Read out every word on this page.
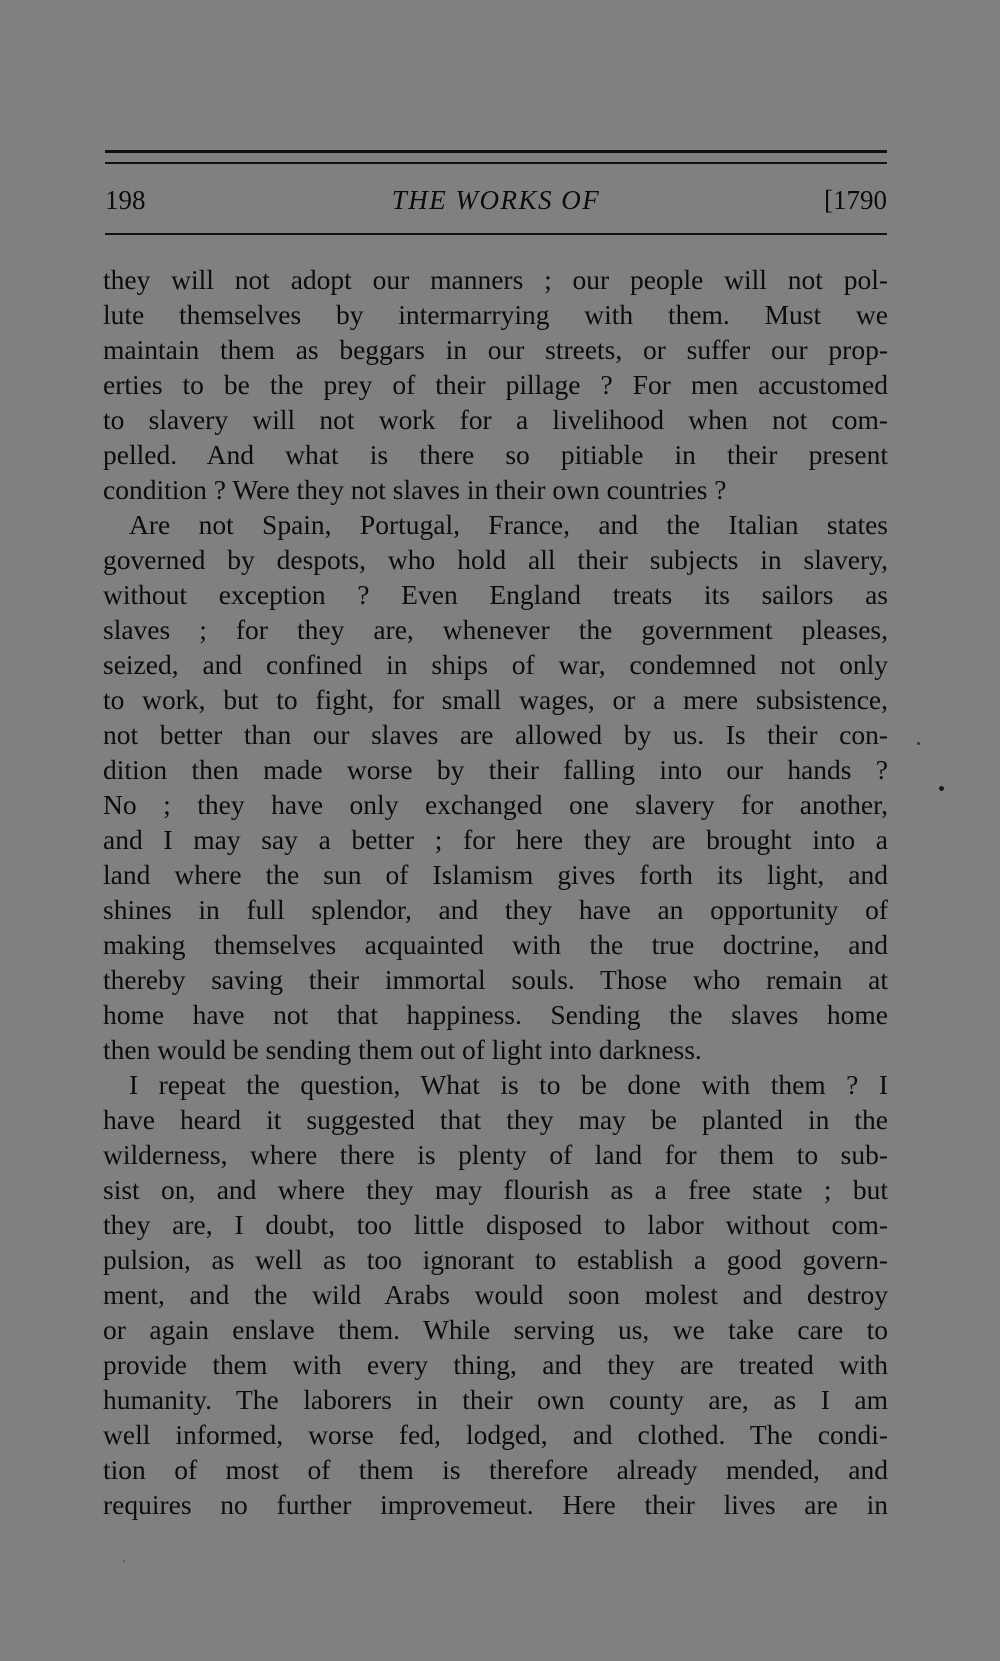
198	THE WORKS OF	[1790
they will not adopt our manners ; our people will not pol-
lute themselves by intermarrying with them. Must we
maintain them as beggars in our streets, or suffer our prop-
erties to be the prey of their pillage ? For men accustomed
to slavery will not work for a livelihood when not com-
pelled. And what is there so pitiable in their present
condition ? Were they not slaves in their own countries ?
Are not Spain, Portugal, France, and the Italian states
governed by despots, who hold all their subjects in slavery,
without exception ? Even England treats its sailors as
slaves ; for they are, whenever the government pleases,
seized, and confined in ships of war, condemned not only
to work, but to fight, for small wages, or a mere subsistence,
not better than our slaves are allowed by us. Is their con-
dition then made worse by their falling into our hands ?
No ; they have only exchanged one slavery for another,
and I may say a better ; for here they are brought into a
land where the sun of Islamism gives forth its light, and
shines in full splendor, and they have an opportunity of
making themselves acquainted with the true doctrine, and
thereby saving their immortal souls. Those who remain at
home have not that happiness. Sending the slaves home
then would be sending them out of light into darkness.
I repeat the question, What is to be done with them ? I
have heard it suggested that they may be planted in the
wilderness, where there is plenty of land for them to sub-
sist on, and where they may flourish as a free state ; but
they are, I doubt, too little disposed to labor without com-
pulsion, as well as too ignorant to establish a good govern-
ment, and the wild Arabs would soon molest and destroy
or again enslave them. While serving us, we take care to
provide them with every thing, and they are treated with
humanity. The laborers in their own county are, as I am
well informed, worse fed, lodged, and clothed. The condi-
tion of most of them is therefore already mended, and
requires no further improvemeut. Here their lives are in
